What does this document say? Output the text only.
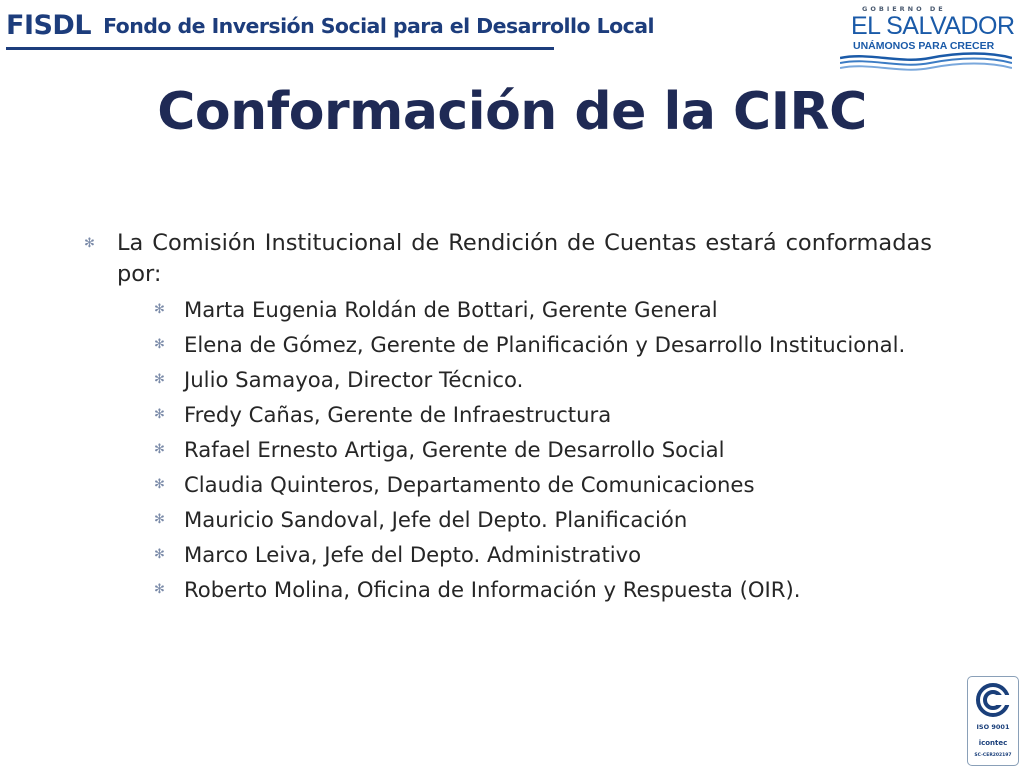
FISDL Fondo de Inversión Social para el Desarrollo Local
GOBIERNO DE
EL SALVADOR
UNÁMONOS PARA CRECER
Conformación de la CIRC

✻ La Comisión Institucional de Rendición de Cuentas estará conformadas por:

✻ Marta Eugenia Roldán de Bottari, Gerente General

✻ Elena de Gómez, Gerente de Planificación y Desarrollo Institucional.

✻ Julio Samayoa, Director Técnico.

✻ Fredy Cañas, Gerente de Infraestructura

✻ Rafael Ernesto Artiga, Gerente de Desarrollo Social

✻ Claudia Quinteros, Departamento de Comunicaciones

✻ Mauricio Sandoval, Jefe del Depto. Planificación

✻ Marco Leiva, Jefe del Depto. Administrativo

✻ Roberto Molina, Oficina de Información y Respuesta (OIR).

ISO 9001
icontec
SC-CER202197
